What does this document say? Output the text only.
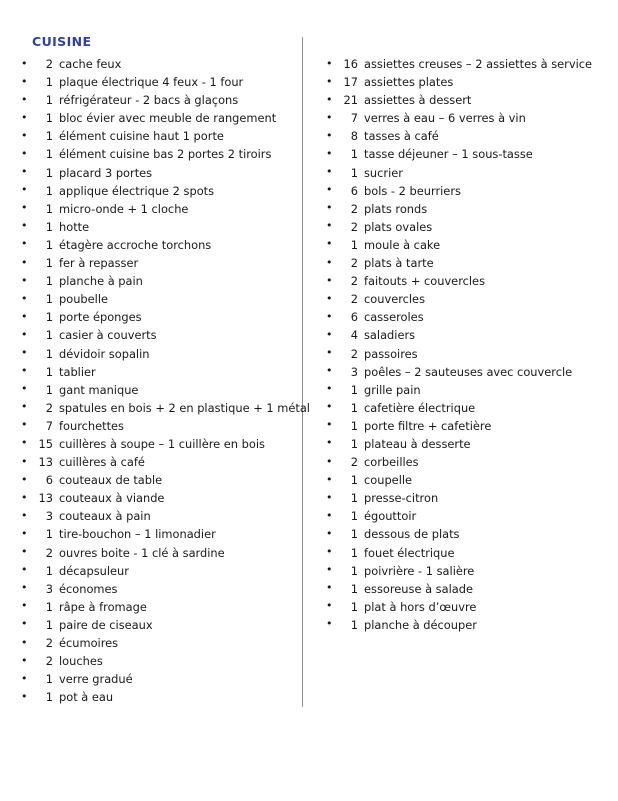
CUISINE
• 2 cache feux
• 1 plaque électrique 4 feux - 1 four
• 1 réfrigérateur - 2 bacs à glaçons
• 1 bloc évier avec meuble de rangement
• 1 élément cuisine haut 1 porte
• 1 élément cuisine bas 2 portes 2 tiroirs
• 1 placard 3 portes
• 1 applique électrique 2 spots
• 1 micro-onde + 1 cloche
• 1 hotte
• 1 étagère accroche torchons
• 1 fer à repasser
• 1 planche à pain
• 1 poubelle
• 1 porte éponges
• 1 casier à couverts
• 1 dévidoir sopalin
• 1 tablier
• 1 gant manique
• 2 spatules en bois + 2 en plastique + 1 métal
• 7 fourchettes
• 15 cuillères à soupe – 1 cuillère en bois
• 13 cuillères à café
• 6 couteaux de table
• 13 couteaux à viande
• 3 couteaux à pain
• 1 tire-bouchon – 1 limonadier
• 2 ouvres boite - 1 clé à sardine
• 1 décapsuleur
• 3 économes
• 1 râpe à fromage
• 1 paire de ciseaux
• 2 écumoires
• 2 louches
• 1 verre gradué
• 1 pot à eau
• 16 assiettes creuses – 2 assiettes à service
• 17 assiettes plates
• 21 assiettes à dessert
• 7 verres à eau – 6 verres à vin
• 8 tasses à café
• 1 tasse déjeuner – 1 sous-tasse
• 1 sucrier
• 6 bols - 2 beurriers
• 2 plats ronds
• 2 plats ovales
• 1 moule à cake
• 2 plats à tarte
• 2 faitouts + couvercles
• 2 couvercles
• 6 casseroles
• 4 saladiers
• 2 passoires
• 3 poêles – 2 sauteuses avec couvercle
• 1 grille pain
• 1 cafetière électrique
• 1 porte filtre + cafetière
• 1 plateau à desserte
• 2 corbeilles
• 1 coupelle
• 1 presse-citron
• 1 égouttoir
• 1 dessous de plats
• 1 fouet électrique
• 1 poivrière - 1 salière
• 1 essoreuse à salade
• 1 plat à hors d’œuvre
• 1 planche à découper
